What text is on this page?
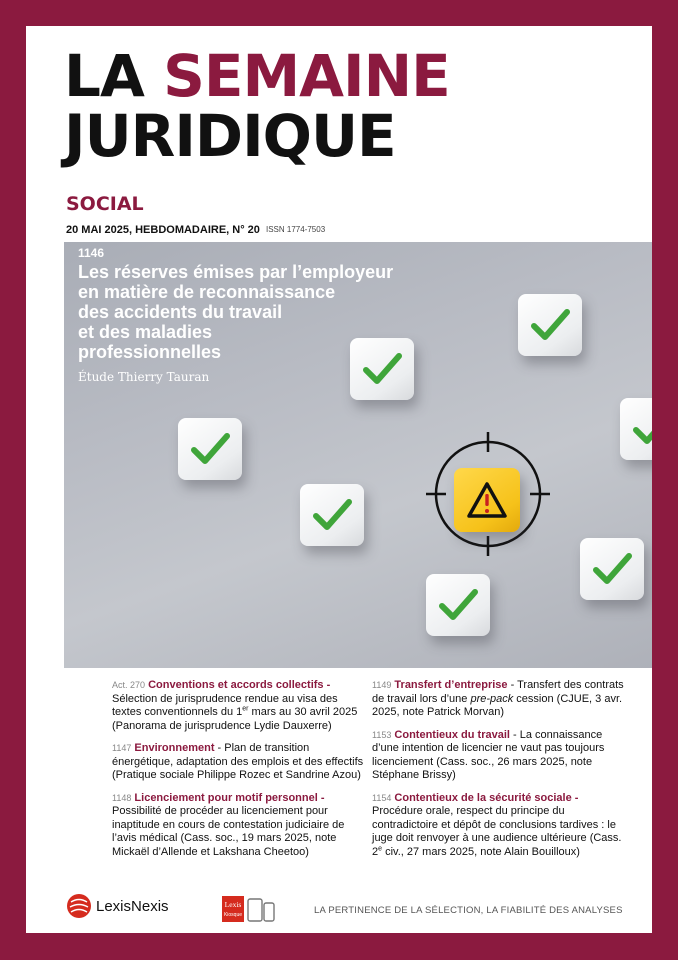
LA SEMAINE
JURIDIQUE
SOCIAL
20 MAI 2025, HEBDOMADAIRE, N° 20 ISSN 1774-7503
1146
Les réserves émises par l’employeur
en matière de reconnaissance
des accidents du travail
et des maladies
professionnelles
Étude Thierry Tauran
Act. 270 Conventions et accords collectifs -
Sélection de jurisprudence rendue au visa des textes conventionnels du 1er mars au 30 avril 2025 (Panorama de jurisprudence Lydie Dauxerre)
1147 Environnement - Plan de transition énergétique, adaptation des emplois et des effectifs (Pratique sociale Philippe Rozec et Sandrine Azou)
1148 Licenciement pour motif personnel -
Possibilité de procéder au licenciement pour inaptitude en cours de contestation judiciaire de l’avis médical (Cass. soc., 19 mars 2025, note Mickaël d’Allende et Lakshana Cheetoo)
1149 Transfert d’entreprise - Transfert des contrats de travail lors d’une pre-pack cession (CJUE, 3 avr. 2025, note Patrick Morvan)
1153 Contentieux du travail - La connaissance d’une intention de licencier ne vaut pas toujours licenciement (Cass. soc., 26 mars 2025, note Stéphane Brissy)
1154 Contentieux de la sécurité sociale -
Procédure orale, respect du principe du contradictoire et dépôt de conclusions tardives : le juge doit renvoyer à une audience ultérieure (Cass. 2e civ., 27 mars 2025, note Alain Bouilloux)
LexisNexis	Lexis
Kiosque	LA PERTINENCE DE LA SÉLECTION, LA FIABILITÉ DES ANALYSES
